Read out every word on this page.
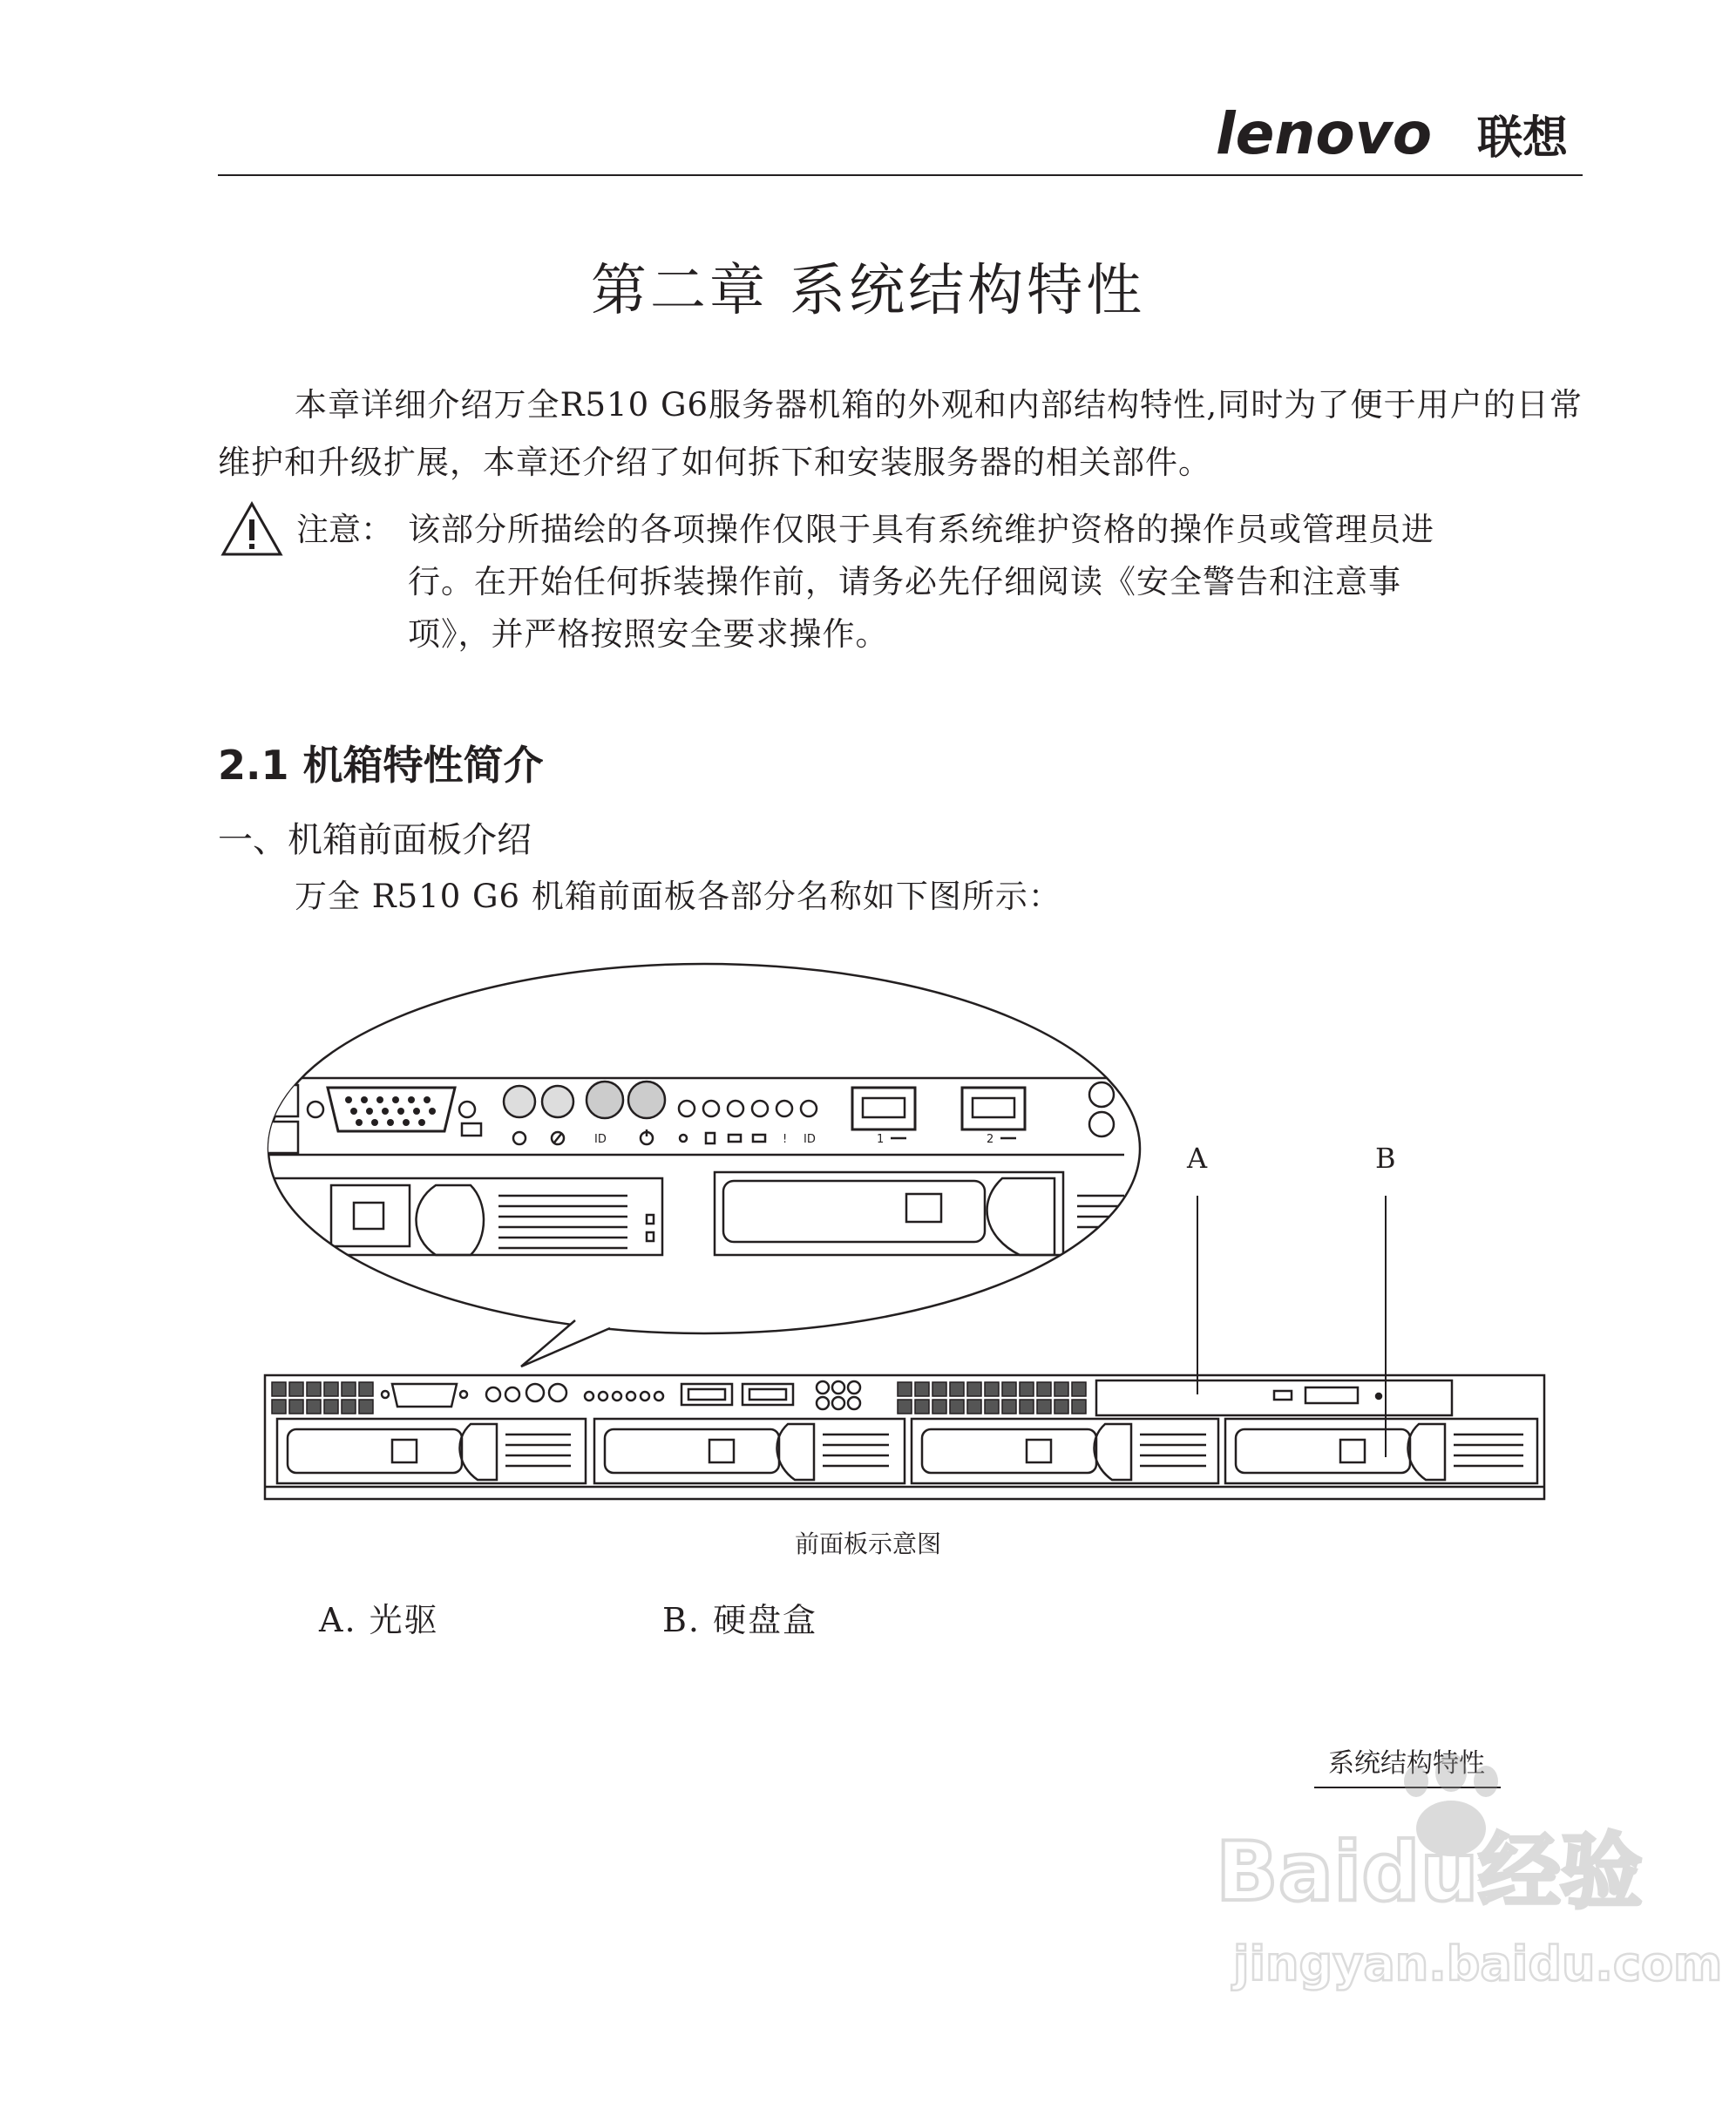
lenovo 联想
第二章 系统结构特性
本章详细介绍万全R510 G6服务器机箱的外观和内部结构特性,同时为了便于用户的日常维护和升级扩展，本章还介绍了如何拆下和安装服务器的相关部件。
注意： 该部分所描绘的各项操作仅限于具有系统维护资格的操作员或管理员进
行。在开始任何拆装操作前，请务必先仔细阅读《安全警告和注意事
项》，并严格按照安全要求操作。
2.1 机箱特性简介
一、机箱前面板介绍
万全 R510 G6 机箱前面板各部分名称如下图所示：
A	B
ID	ID
!	1	2
前面板示意图
A. 光驱	B. 硬盘盒
系统结构特性
Baidu经验
jingyan.baidu.com
